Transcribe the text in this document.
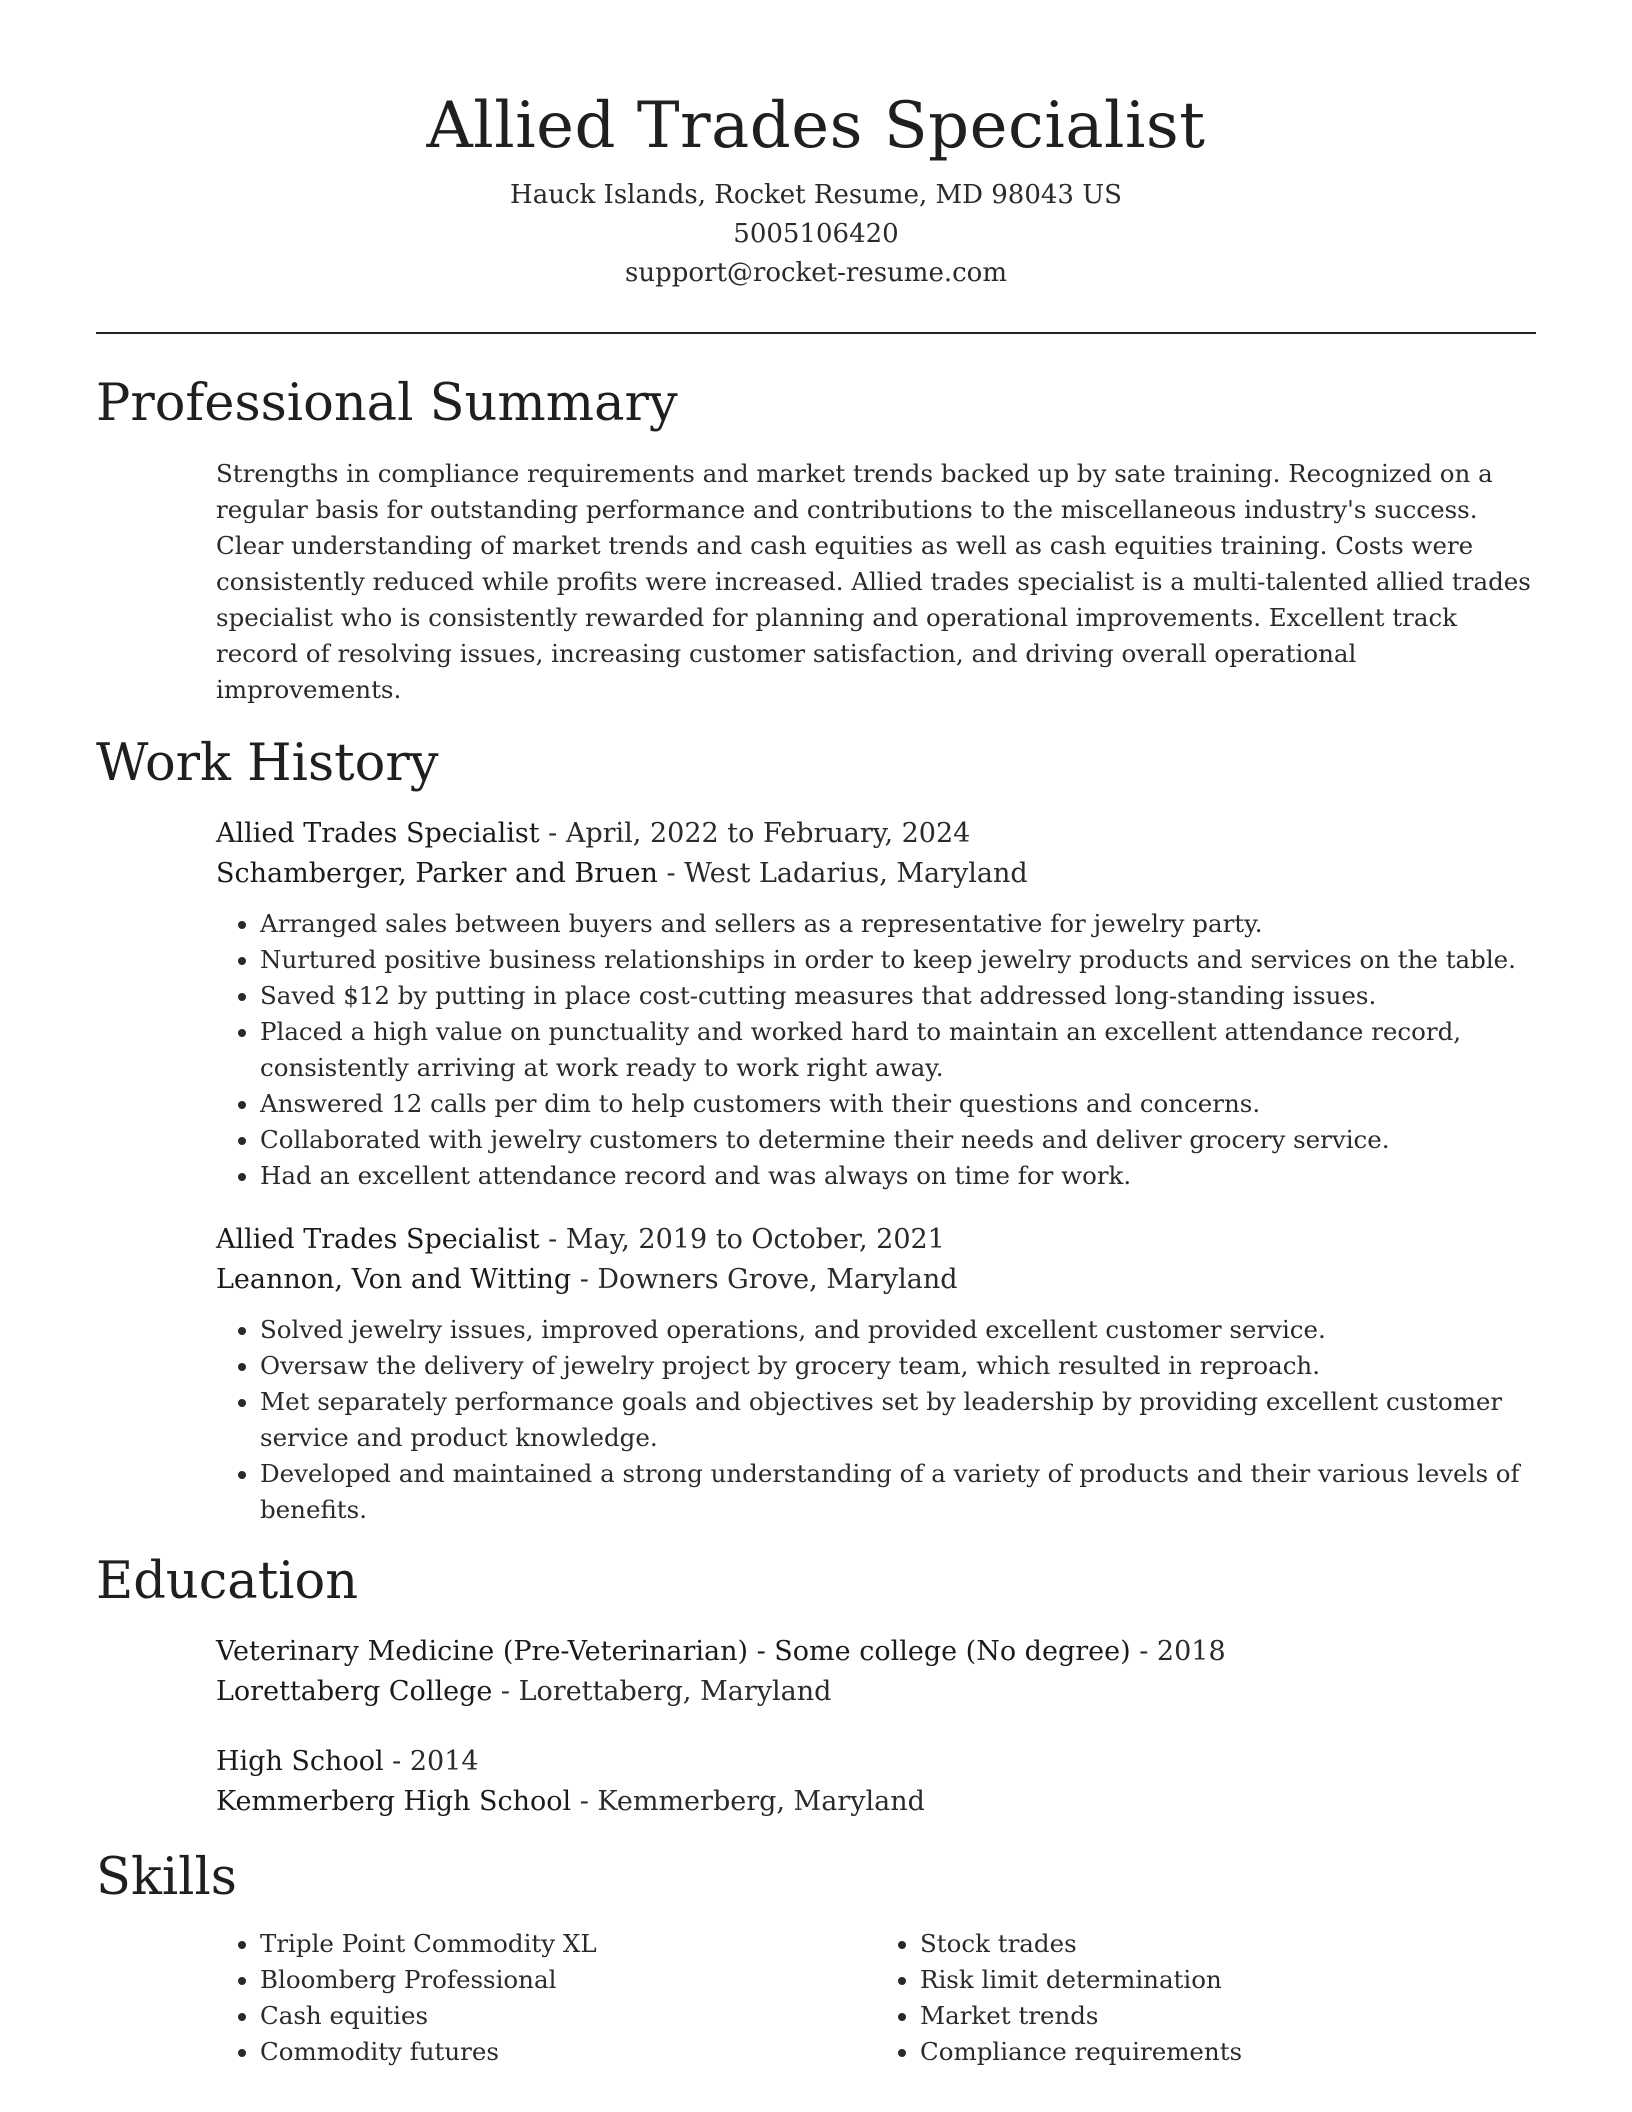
Allied Trades Specialist
Hauck Islands, Rocket Resume, MD 98043 US
5005106420
support@rocket-resume.com
Professional Summary

Strengths in compliance requirements and market trends backed up by sate training. Recognized on a regular basis for outstanding performance and contributions to the miscellaneous industry's success. Clear understanding of market trends and cash equities as well as cash equities training. Costs were consistently reduced while profits were increased. Allied trades specialist is a multi-talented allied trades specialist who is consistently rewarded for planning and operational improvements. Excellent track record of resolving issues, increasing customer satisfaction, and driving overall operational improvements.

Work History
Allied Trades Specialist - April, 2022 to February, 2024
Schamberger, Parker and Bruen - West Ladarius, Maryland
• Arranged sales between buyers and sellers as a representative for jewelry party.
• Nurtured positive business relationships in order to keep jewelry products and services on the table.
• Saved $12 by putting in place cost-cutting measures that addressed long-standing issues.
• Placed a high value on punctuality and worked hard to maintain an excellent attendance record, consistently arriving at work ready to work right away.
• Answered 12 calls per dim to help customers with their questions and concerns.
• Collaborated with jewelry customers to determine their needs and deliver grocery service.
• Had an excellent attendance record and was always on time for work.
Allied Trades Specialist - May, 2019 to October, 2021
Leannon, Von and Witting - Downers Grove, Maryland
• Solved jewelry issues, improved operations, and provided excellent customer service.
• Oversaw the delivery of jewelry project by grocery team, which resulted in reproach.
• Met separately performance goals and objectives set by leadership by providing excellent customer service and product knowledge.
• Developed and maintained a strong understanding of a variety of products and their various levels of benefits.
Education
Veterinary Medicine (Pre-Veterinarian) - Some college (No degree) - 2018
Lorettaberg College - Lorettaberg, Maryland
High School - 2014
Kemmerberg High School - Kemmerberg, Maryland
Skills
• Triple Point Commodity XL
• Bloomberg Professional
• Cash equities
• Commodity futures
• Stock trades
• Risk limit determination
• Market trends
• Compliance requirements
